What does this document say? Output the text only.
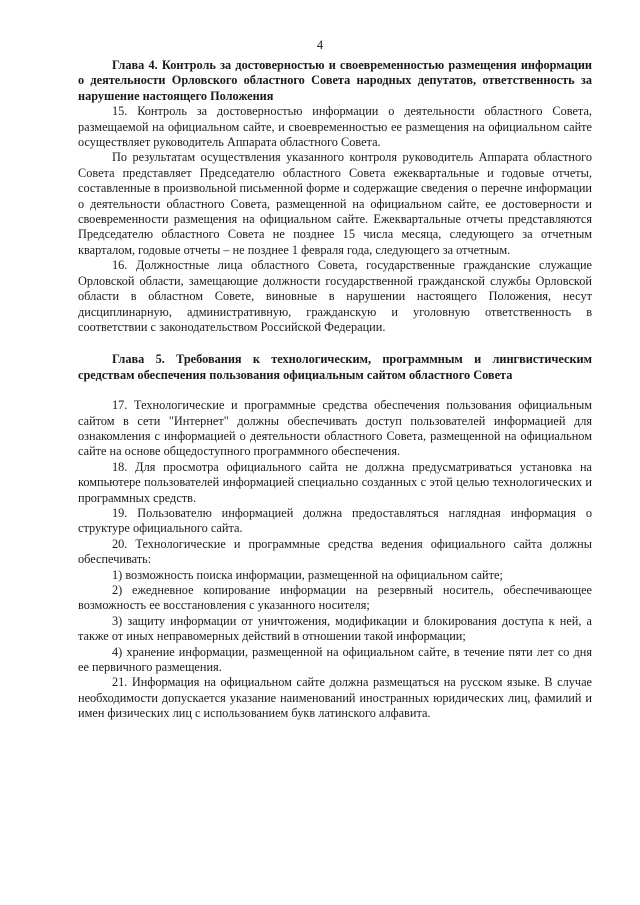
4

Глава 4. Контроль за достоверностью и своевременностью размещения информации о деятельности Орловского областного Совета народных депутатов, ответственность за нарушение настоящего Положения

15. Контроль за достоверностью информации о деятельности областного Совета, размещаемой на официальном сайте, и своевременностью ее размещения на официальном сайте осуществляет руководитель Аппарата областного Совета.

По результатам осуществления указанного контроля руководитель Аппарата областного Совета представляет Председателю областного Совета ежеквартальные и годовые отчеты, составленные в произвольной письменной форме и содержащие сведения о перечне информации о деятельности областного Совета, размещенной на официальном сайте, ее достоверности и своевременности размещения на официальном сайте. Ежеквартальные отчеты представляются Председателю областного Совета не позднее 15 числа месяца, следующего за отчетным кварталом, годовые отчеты – не позднее 1 февраля года, следующего за отчетным.

16. Должностные лица областного Совета, государственные гражданские служащие Орловской области, замещающие должности государственной гражданской службы Орловской области в областном Совете, виновные в нарушении настоящего Положения, несут дисциплинарную, административную, гражданскую и уголовную ответственность в соответствии с законодательством Российской Федерации.

Глава 5. Требования к технологическим, программным и лингвистическим средствам обеспечения пользования официальным сайтом областного Совета

17. Технологические и программные средства обеспечения пользования официальным сайтом в сети "Интернет" должны обеспечивать доступ пользователей информацией для ознакомления с информацией о деятельности областного Совета, размещенной на официальном сайте на основе общедоступного программного обеспечения.

18. Для просмотра официального сайта не должна предусматриваться установка на компьютере пользователей информацией специально созданных с этой целью технологических и программных средств.

19. Пользователю информацией должна предоставляться наглядная информация о структуре официального сайта.

20. Технологические и программные средства ведения официального сайта должны обеспечивать:

1) возможность поиска информации, размещенной на официальном сайте;

2) ежедневное копирование информации на резервный носитель, обеспечивающее возможность ее восстановления с указанного носителя;

3) защиту информации от уничтожения, модификации и блокирования доступа к ней, а также от иных неправомерных действий в отношении такой информации;

4) хранение информации, размещенной на официальном сайте, в течение пяти лет со дня ее первичного размещения.

21. Информация на официальном сайте должна размещаться на русском языке. В случае необходимости допускается указание наименований иностранных юридических лиц, фамилий и имен физических лиц с использованием букв латинского алфавита.
